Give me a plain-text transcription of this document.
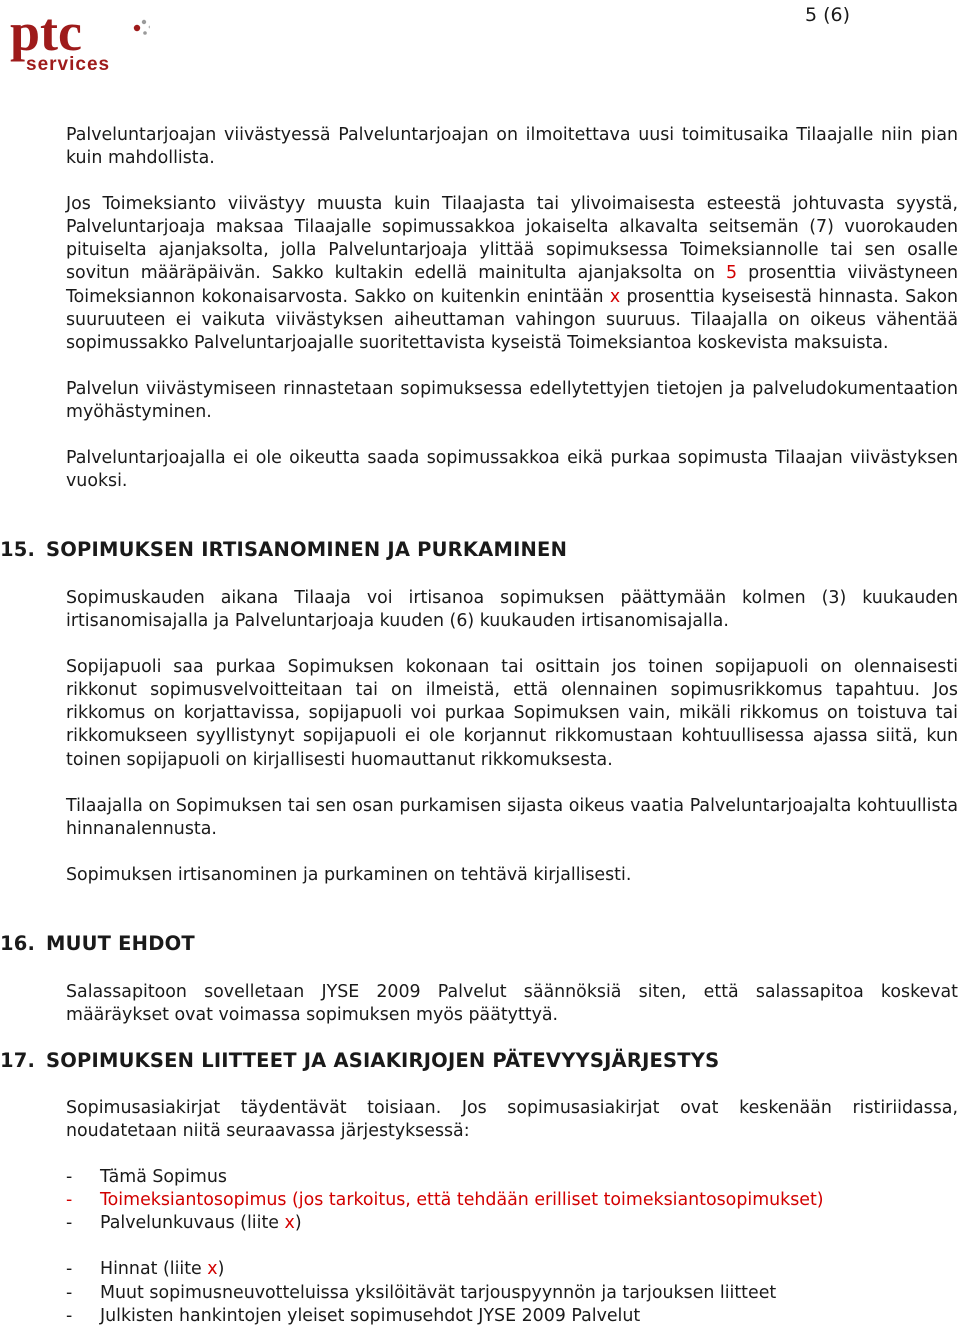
ptc
services
5 (6)

Palveluntarjoajan viivästyessä Palveluntarjoajan on ilmoitettava uusi toimitusaika Tilaajalle niin pian kuin mahdollista.

Jos Toimeksianto viivästyy muusta kuin Tilaajasta tai ylivoimaisesta esteestä johtuvasta syystä, Palveluntarjoaja maksaa Tilaajalle sopimussakkoa jokaiselta alkavalta seitsemän (7) vuorokauden pituiselta ajanjaksolta, jolla Palveluntarjoaja ylittää sopimuksessa Toimeksiannolle tai sen osalle sovitun määräpäivän. Sakko kultakin edellä mainitulta ajanjaksolta on 5 prosenttia viivästyneen Toimeksiannon kokonaisarvosta. Sakko on kuitenkin enintään x prosenttia kyseisestä hinnasta. Sakon suuruuteen ei vaikuta viivästyksen aiheuttaman vahingon suuruus. Tilaajalla on oikeus vähentää sopimussakko Palveluntarjoajalle suoritettavista kyseistä Toimeksiantoa koskevista maksuista.

Palvelun viivästymiseen rinnastetaan sopimuksessa edellytettyjen tietojen ja palveludokumentaation myöhästyminen.

Palveluntarjoajalla ei ole oikeutta saada sopimussakkoa eikä purkaa sopimusta Tilaajan viivästyksen vuoksi.

15. SOPIMUKSEN IRTISANOMINEN JA PURKAMINEN

Sopimuskauden aikana Tilaaja voi irtisanoa sopimuksen päättymään kolmen (3) kuukauden irtisanomisajalla ja Palveluntarjoaja kuuden (6) kuukauden irtisanomisajalla.

Sopijapuoli saa purkaa Sopimuksen kokonaan tai osittain jos toinen sopijapuoli on olennaisesti rikkonut sopimusvelvoitteitaan tai on ilmeistä, että olennainen sopimusrikkomus tapahtuu. Jos rikkomus on korjattavissa, sopijapuoli voi purkaa Sopimuksen vain, mikäli rikkomus on toistuva tai rikkomukseen syyllistynyt sopijapuoli ei ole korjannut rikkomustaan kohtuullisessa ajassa siitä, kun toinen sopijapuoli on kirjallisesti huomauttanut rikkomuksesta.

Tilaajalla on Sopimuksen tai sen osan purkamisen sijasta oikeus vaatia Palveluntarjoajalta kohtuullista hinnanalennusta.

Sopimuksen irtisanominen ja purkaminen on tehtävä kirjallisesti.

16. MUUT EHDOT

Salassapitoon sovelletaan JYSE 2009 Palvelut säännöksiä siten, että salassapitoa koskevat määräykset ovat voimassa sopimuksen myös päätyttyä.

17. SOPIMUKSEN LIITTEET JA ASIAKIRJOJEN PÄTEVYYSJÄRJESTYS

Sopimusasiakirjat täydentävät toisiaan. Jos sopimusasiakirjat ovat keskenään ristiriidassa, noudatetaan niitä seuraavassa järjestyksessä:

-	Tämä Sopimus
-	Toimeksiantosopimus (jos tarkoitus, että tehdään erilliset toimeksiantosopimukset)
-	Palvelunkuvaus (liite x)
-	Hinnat (liite x)
-	Muut sopimusneuvotteluissa yksilöitävät tarjouspyynnön ja tarjouksen liitteet
-	Julkisten hankintojen yleiset sopimusehdot JYSE 2009 Palvelut
